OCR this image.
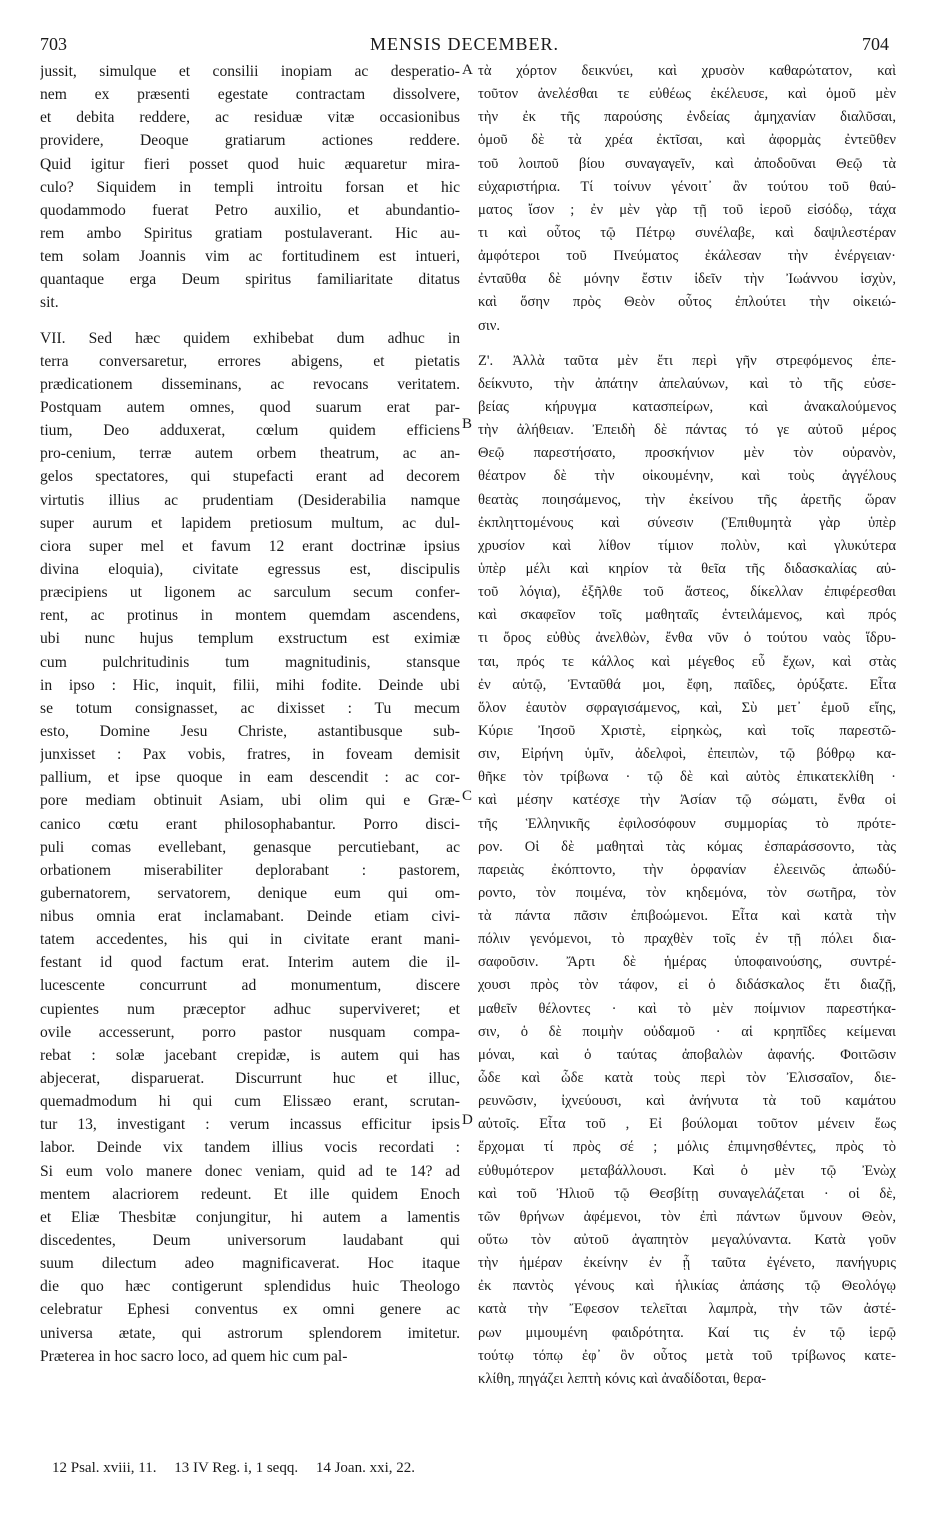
703	MENSIS DECEMBER.	704
jussit, simulque et consilii inopiam ac desperatio-
nem ex præsenti egestate contractam dissolvere,
et debita reddere, ac residuæ vitæ occasionibus
providere, Deoque gratiarum actiones reddere.
Quid igitur fieri posset quod huic æquaretur mira-
culo? Siquidem in templi introitu forsan et hic
quodammodo fuerat Petro auxilio, et abundantio-
rem ambo Spiritus gratiam postulaverant. Hic au-
tem solam Joannis vim ac fortitudinem est intueri,
quantaque erga Deum spiritus familiaritate ditatus
sit.
VII. Sed hæc quidem exhibebat dum adhuc in
terra conversaretur, errores abigens, et pietatis
prædicationem disseminans, ac revocans veritatem.
Postquam autem omnes, quod suarum erat par-
tium, Deo adduxerat, cœlum quidem efficiens
pro-cenium, terræ autem orbem theatrum, ac an-
gelos spectatores, qui stupefacti erant ad decorem
virtutis illius ac prudentiam (Desiderabilia namque
super aurum et lapidem pretiosum multum, ac dul-
ciora super mel et favum 12 erant doctrinæ ipsius
divina eloquia), civitate egressus est, discipulis
præcipiens ut ligonem ac sarculum secum confer-
rent, ac protinus in montem quemdam ascendens,
ubi nunc hujus templum exstructum est eximiæ
cum pulchritudinis tum magnitudinis, stansque
in ipso : Hic, inquit, filii, mihi fodite. Deinde ubi
se totum consignasset, ac dixisset : Tu mecum
esto, Domine Jesu Christe, astantibusque sub-
junxisset : Pax vobis, fratres, in foveam demisit
pallium, et ipse quoque in eam descendit : ac cor-
pore mediam obtinuit Asiam, ubi olim qui e Græ-
canico cœtu erant philosophabantur. Porro disci-
puli comas evellebant, genasque percutiebant, ac
orbationem miserabiliter deplorabant : pastorem,
gubernatorem, servatorem, denique eum qui om-
nibus omnia erat inclamabant. Deinde etiam civi-
tatem accedentes, his qui in civitate erant mani-
festant id quod factum erat. Interim autem die il-
lucescente concurrunt ad monumentum, discere
cupientes num præceptor adhuc superviveret; et
ovile accesserunt, porro pastor nusquam compa-
rebat : solæ jacebant crepidæ, is autem qui has
abjecerat, disparuerat. Discurrunt huc et illuc,
quemadmodum hi qui cum Elissæo erant, scrutan-
tur 13, investigant : verum incassus efficitur ipsis
labor. Deinde vix tandem illius vocis recordati :
Si eum volo manere donec veniam, quid ad te 14? ad
mentem alacriorem redeunt. Et ille quidem Enoch
et Eliæ Thesbitæ conjungitur, hi autem a lamentis
discedentes, Deum universorum laudabant qui
suum dilectum adeo magnificaverat. Hoc itaque
die quo hæc contigerunt splendidus huic Theologo
celebratur Ephesi conventus ex omni genere ac
universa ætate, qui astrorum splendorem imitetur.
Præterea in hoc sacro loco, ad quem hic cum pal-
τὰ χόρτον δεικνύει, καὶ χρυσὸν καθαρώτατον, καὶ
τοῦτον ἀνελέσθαι τε εὐθέως ἐκέλευσε, καὶ ὁμοῦ μὲν
τὴν ἐκ τῆς παρούσης ἐνδείας ἀμηχανίαν διαλῦσαι,
ὁμοῦ δὲ τὰ χρέα ἐκτῖσαι, καὶ ἀφορμὰς ἐντεῦθεν
τοῦ λοιποῦ βίου συναγαγεῖν, καὶ ἀποδοῦναι Θεῷ τὰ
εὐχαριστήρια. Τί τοίνυν γένοιτ᾽ ἂν τούτου τοῦ θαύ-
ματος ἴσον ; ἐν μὲν γὰρ τῇ τοῦ ἱεροῦ εἰσόδῳ, τάχα
τι καὶ οὗτος τῷ Πέτρῳ συνέλαβε, καὶ δαψιλεστέραν
ἀμφότεροι τοῦ Πνεύματος ἐκάλεσαν τὴν ἐνέργειαν·
ἐνταῦθα δὲ μόνην ἔστιν ἰδεῖν τὴν Ἰωάννου ἰσχὺν,
καὶ ὅσην πρὸς Θεὸν οὗτος ἐπλούτει τὴν οἰκειώ-
σιν.
Ζ'. Ἀλλὰ ταῦτα μὲν ἔτι περὶ γῆν στρεφόμενος ἐπε-
δείκνυτο, τὴν ἀπάτην ἀπελαύνων, καὶ τὸ τῆς εὐσε-
βείας κήρυγμα κατασπείρων, καὶ ἀνακαλούμενος
τὴν ἀλήθειαν. Ἐπειδὴ δὲ πάντας τό γε αὐτοῦ μέρος
Θεῷ παρεστήσατο, προσκήνιον μὲν τὸν οὐρανὸν,
θέατρον δὲ τὴν οἰκουμένην, καὶ τοὺς ἀγγέλους
θεατὰς ποιησάμενος, τὴν ἐκείνου τῆς ἀρετῆς ὥραν
ἐκπληττομένους καὶ σύνεσιν (Ἐπιθυμητὰ γὰρ ὑπὲρ
χρυσίον καὶ λίθον τίμιον πολὺν, καὶ γλυκύτερα
ὑπὲρ μέλι καὶ κηρίον τὰ θεῖα τῆς διδασκαλίας αὐ-
τοῦ λόγια), ἐξῆλθε τοῦ ἄστεος, δίκελλαν ἐπιφέρεσθαι
καὶ σκαφεῖον τοῖς μαθηταῖς ἐντειλάμενος, καὶ πρός
τι ὄρος εὐθὺς ἀνελθὼν, ἔνθα νῦν ὁ τούτου ναὸς ἵδρυ-
ται, πρός τε κάλλος καὶ μέγεθος εὖ ἔχων, καὶ στὰς
ἐν αὐτῷ, Ἐνταῦθά μοι, ἔφη, παῖδες, ὀρύξατε. Εἶτα
ὅλον ἑαυτὸν σφραγισάμενος, καὶ, Σὺ μετ᾽ ἐμοῦ εἴης,
Κύριε Ἰησοῦ Χριστὲ, εἰρηκὼς, καὶ τοῖς παρεστῶ-
σιν, Εἰρήνη ὑμῖν, ἀδελφοὶ, ἐπειπὼν, τῷ βόθρῳ κα-
θῆκε τὸν τρίβωνα · τῷ δὲ καὶ αὐτὸς ἐπικατεκλίθη ·
καὶ μέσην κατέσχε τὴν Ἀσίαν τῷ σώματι, ἔνθα οἱ
τῆς Ἑλληνικῆς ἐφιλοσόφουν συμμορίας τὸ πρότε-
ρον. Οἱ δὲ μαθηταὶ τὰς κόμας ἐσπαράσσοντο, τὰς
παρειὰς ἐκόπτοντο, τὴν ὀρφανίαν ἐλεεινῶς ἀπωδύ-
ροντο, τὸν ποιμένα, τὸν κηδεμόνα, τὸν σωτῆρα, τὸν
τὰ πάντα πᾶσιν ἐπιβοώμενοι. Εἶτα καὶ κατὰ τὴν
πόλιν γενόμενοι, τὸ πραχθὲν τοῖς ἐν τῇ πόλει δια-
σαφοῦσιν. Ἄρτι δὲ ἡμέρας ὑποφαινούσης, συντρέ-
χουσι πρὸς τὸν τάφον, εἰ ὁ διδάσκαλος ἔτι διαζῇ,
μαθεῖν θέλοντες · καὶ τὸ μὲν ποίμνιον παρεστήκα-
σιν, ὁ δὲ ποιμὴν οὐδαμοῦ · αἱ κρηπῖδες κείμεναι
μόναι, καὶ ὁ ταύτας ἀποβαλὼν ἀφανής. Φοιτῶσιν
ὧδε καὶ ὧδε κατὰ τοὺς περὶ τὸν Ἐλισσαῖον, διε-
ρευνῶσιν, ἰχνεύουσι, καὶ ἀνήνυτα τὰ τοῦ καμάτου
αὐτοῖς. Εἶτα τοῦ , Εἰ βούλομαι τοῦτον μένειν ἕως
ἔρχομαι τί πρὸς σέ ; μόλις ἐπιμνησθέντες, πρὸς τὸ
εὐθυμότερον μεταβάλλουσι. Καὶ ὁ μὲν τῷ Ἐνὼχ
καὶ τοῦ Ἠλιοῦ τῷ Θεσβίτῃ συναγελάζεται · οἱ δὲ,
τῶν θρήνων ἀφέμενοι, τὸν ἐπὶ πάντων ὕμνουν Θεὸν,
οὕτω τὸν αὐτοῦ ἀγαπητὸν μεγαλύναντα. Κατὰ γοῦν
τὴν ἡμέραν ἐκείνην ἐν ᾗ ταῦτα ἐγένετο, πανήγυρις
ἐκ παντὸς γένους καὶ ἡλικίας ἀπάσης τῷ Θεολόγῳ
κατὰ τὴν Ἔφεσον τελεῖται λαμπρὰ, τὴν τῶν ἀστέ-
ρων μιμουμένη φαιδρότητα. Καί τις ἐν τῷ ἱερῷ
τούτῳ τόπῳ ἐφ᾽ ὃν οὗτος μετὰ τοῦ τρίβωνος κατε-
κλίθη, πηγάζει λεπτὴ κόνις καὶ ἀναδίδοται, θερα-
A
B
C
D
12 Psal. xviii, 11. 13 IV Reg. i, 1 seqq. 14 Joan. xxi, 22.
